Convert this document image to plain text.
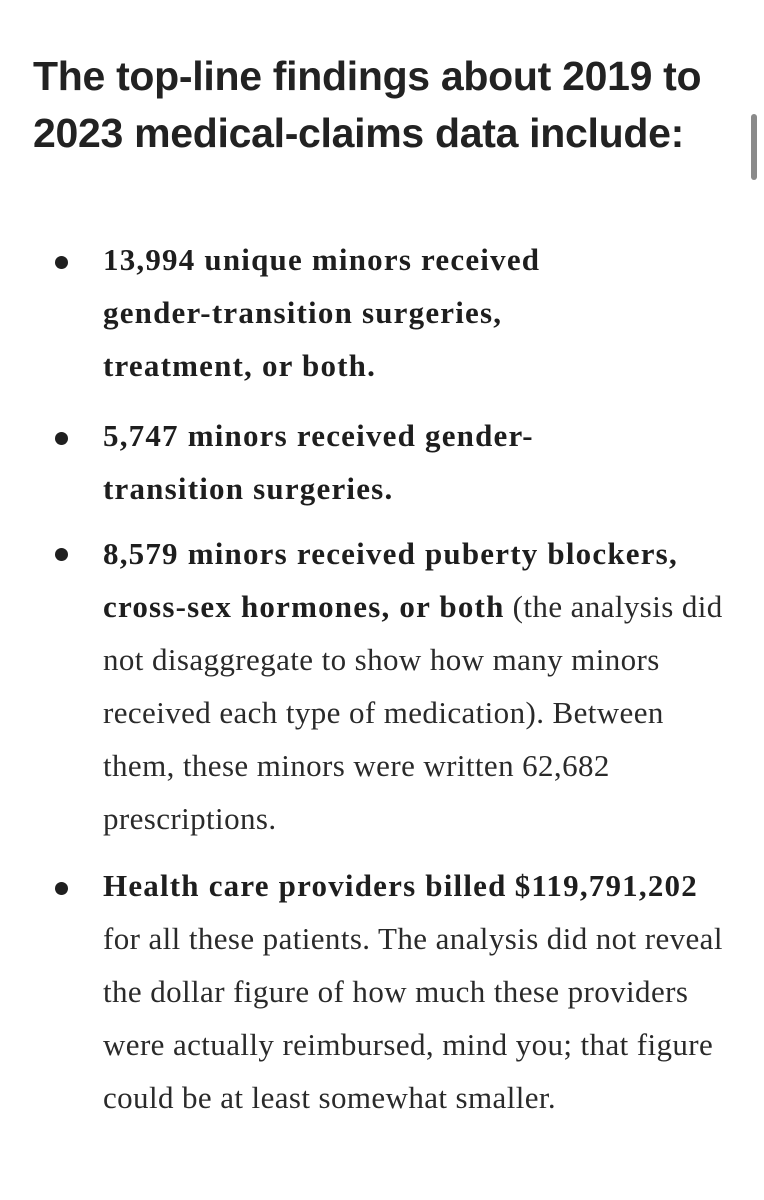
The top-line findings about 2019 to 2023 medical-claims data include:
13,994 unique minors received gender-transition surgeries, treatment, or both.
5,747 minors received gender-transition surgeries.
8,579 minors received puberty blockers, cross-sex hormones, or both (the analysis did not disaggregate to show how many minors received each type of medication). Between them, these minors were written 62,682 prescriptions.
Health care providers billed $119,791,202 for all these patients. The analysis did not reveal the dollar figure of how much these providers were actually reimbursed, mind you; that figure could be at least somewhat smaller.
